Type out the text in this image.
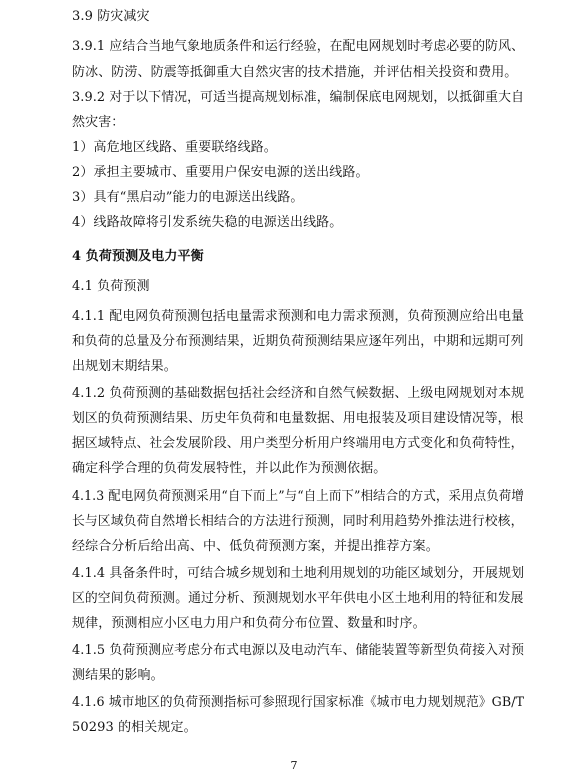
3.9 防灾减灾
3.9.1 应结合当地气象地质条件和运行经验，在配电网规划时考虑必要的防风、
防冰、防涝、防震等抵御重大自然灾害的技术措施，并评估相关投资和费用。
3.9.2 对于以下情况，可适当提高规划标准，编制保底电网规划，以抵御重大自
然灾害：
1）高危地区线路、重要联络线路。
2）承担主要城市、重要用户保安电源的送出线路。
3）具有“黑启动”能力的电源送出线路。
4）线路故障将引发系统失稳的电源送出线路。
4 负荷预测及电力平衡
4.1 负荷预测
4.1.1 配电网负荷预测包括电量需求预测和电力需求预测，负荷预测应给出电量
和负荷的总量及分布预测结果，近期负荷预测结果应逐年列出，中期和远期可列
出规划末期结果。
4.1.2 负荷预测的基础数据包括社会经济和自然气候数据、上级电网规划对本规
划区的负荷预测结果、历史年负荷和电量数据、用电报装及项目建设情况等，根
据区域特点、社会发展阶段、用户类型分析用户终端用电方式变化和负荷特性，
确定科学合理的负荷发展特性，并以此作为预测依据。
4.1.3 配电网负荷预测采用“自下而上”与“自上而下”相结合的方式，采用点负荷增
长与区域负荷自然增长相结合的方法进行预测，同时利用趋势外推法进行校核，
经综合分析后给出高、中、低负荷预测方案，并提出推荐方案。
4.1.4 具备条件时，可结合城乡规划和土地利用规划的功能区域划分，开展规划
区的空间负荷预测。通过分析、预测规划水平年供电小区土地利用的特征和发展
规律，预测相应小区电力用户和负荷分布位置、数量和时序。
4.1.5 负荷预测应考虑分布式电源以及电动汽车、储能装置等新型负荷接入对预
测结果的影响。
4.1.6 城市地区的负荷预测指标可参照现行国家标准《城市电力规划规范》GB/T
50293 的相关规定。
7
